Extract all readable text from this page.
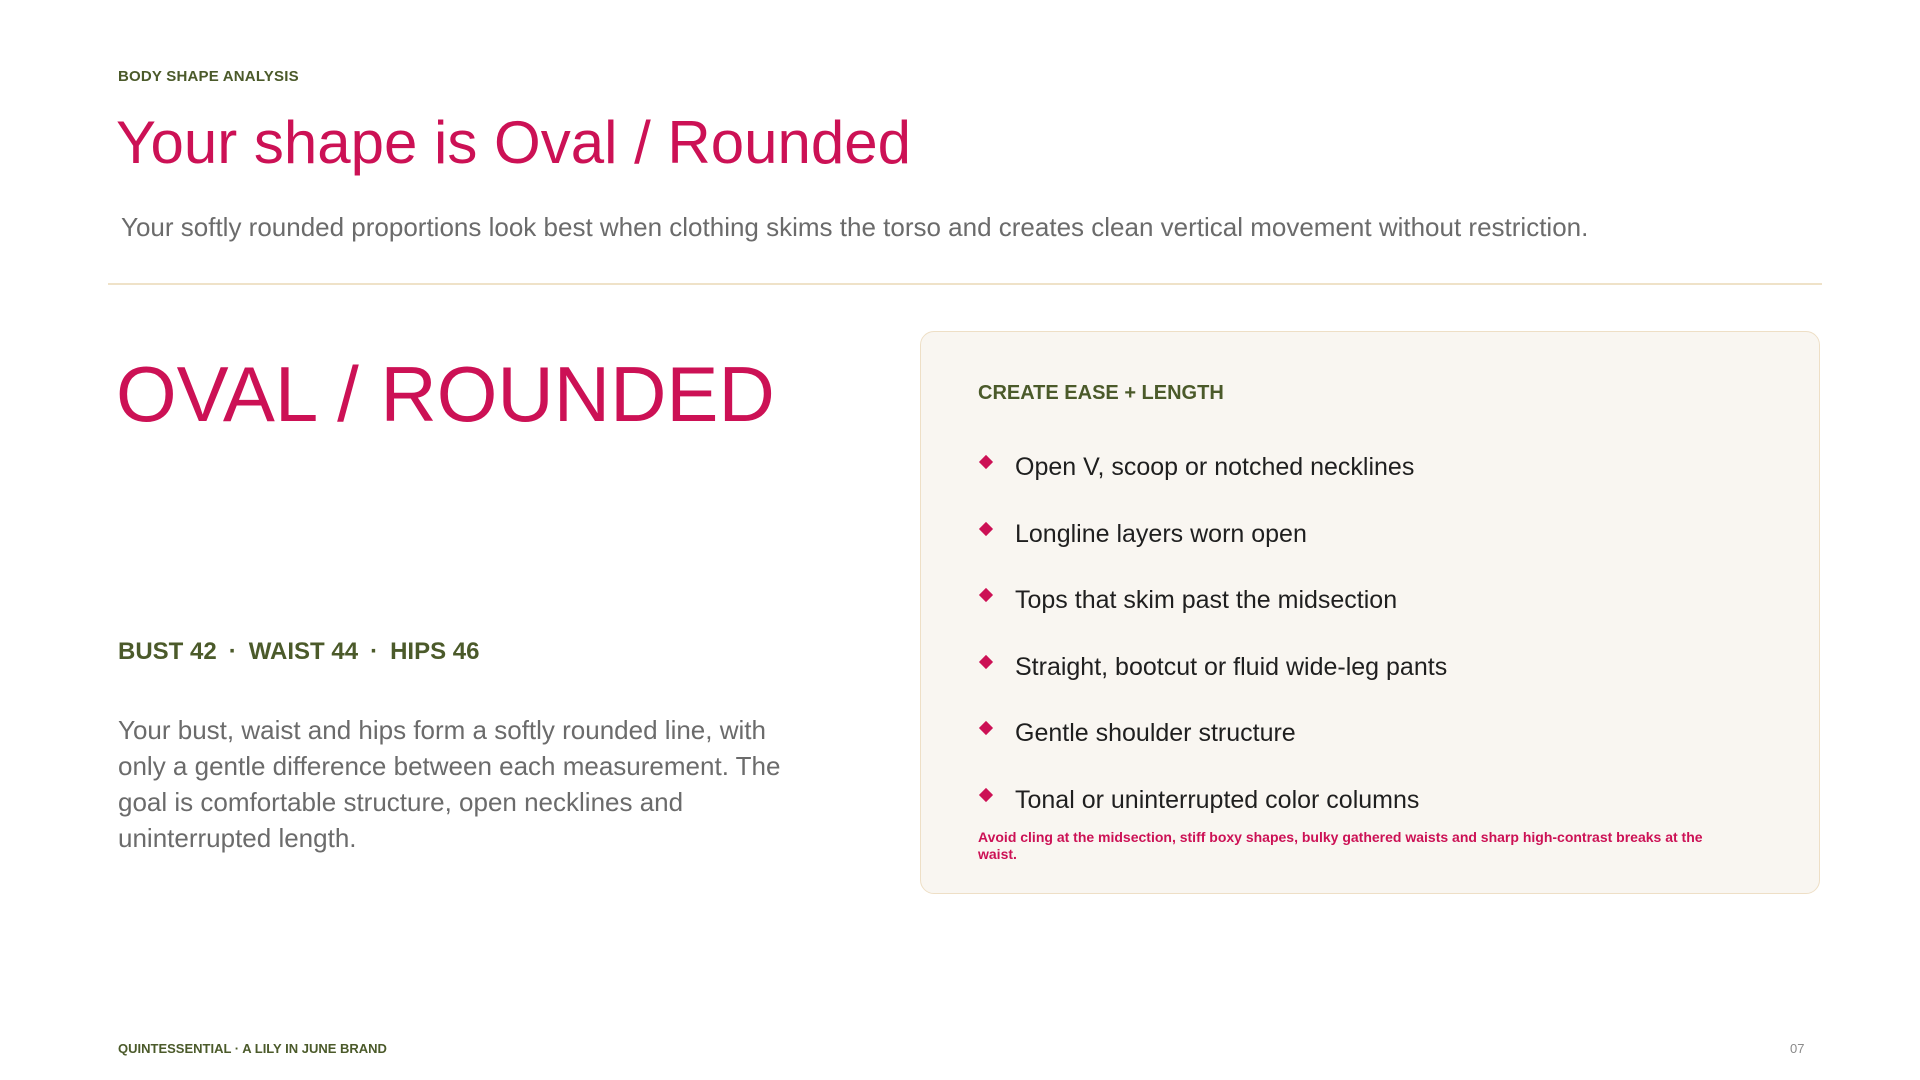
BODY SHAPE ANALYSIS
Your shape is Oval / Rounded
Your softly rounded proportions look best when clothing skims the torso and creates clean vertical movement without restriction.
OVAL / ROUNDED
BUST 42 · WAIST 44 · HIPS 46
Your bust, waist and hips form a softly rounded line, with only a gentle difference between each measurement. The goal is comfortable structure, open necklines and uninterrupted length.
CREATE EASE + LENGTH
Open V, scoop or notched necklines
Longline layers worn open
Tops that skim past the midsection
Straight, bootcut or fluid wide-leg pants
Gentle shoulder structure
Tonal or uninterrupted color columns
Avoid cling at the midsection, stiff boxy shapes, bulky gathered waists and sharp high-contrast breaks at the waist.
QUINTESSENTIAL · A LILY IN JUNE BRAND	07
